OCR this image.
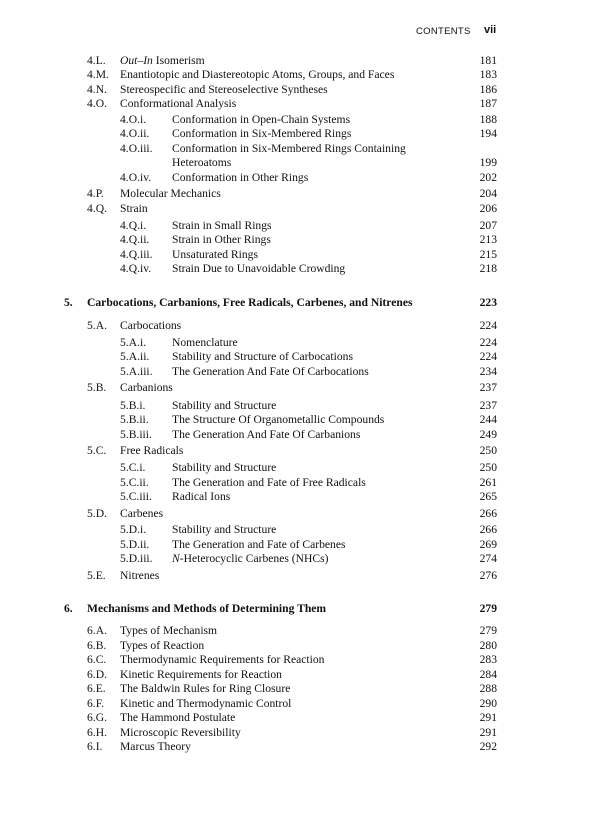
CONTENTS vii
4.L. Out–In Isomerism	181
4.M. Enantiotopic and Diastereotopic Atoms, Groups, and Faces	183
4.N. Stereospecific and Stereoselective Syntheses	186
4.O. Conformational Analysis	187
4.O.i. Conformation in Open-Chain Systems	188
4.O.ii. Conformation in Six-Membered Rings	194
4.O.iii. Conformation in Six-Membered Rings Containing
Heteroatoms	199
4.O.iv. Conformation in Other Rings	202
4.P. Molecular Mechanics	204
4.Q. Strain	206
4.Q.i. Strain in Small Rings	207
4.Q.ii. Strain in Other Rings	213
4.Q.iii. Unsaturated Rings	215
4.Q.iv. Strain Due to Unavoidable Crowding	218
5. Carbocations, Carbanions, Free Radicals, Carbenes, and Nitrenes	223
5.A. Carbocations	224
5.A.i. Nomenclature	224
5.A.ii. Stability and Structure of Carbocations	224
5.A.iii. The Generation And Fate Of Carbocations	234
5.B. Carbanions	237
5.B.i. Stability and Structure	237
5.B.ii. The Structure Of Organometallic Compounds	244
5.B.iii. The Generation And Fate Of Carbanions	249
5.C. Free Radicals	250
5.C.i. Stability and Structure	250
5.C.ii. The Generation and Fate of Free Radicals	261
5.C.iii. Radical Ions	265
5.D. Carbenes	266
5.D.i. Stability and Structure	266
5.D.ii. The Generation and Fate of Carbenes	269
5.D.iii. N-Heterocyclic Carbenes (NHCs)	274
5.E. Nitrenes	276
6. Mechanisms and Methods of Determining Them	279
6.A. Types of Mechanism	279
6.B. Types of Reaction	280
6.C. Thermodynamic Requirements for Reaction	283
6.D. Kinetic Requirements for Reaction	284
6.E. The Baldwin Rules for Ring Closure	288
6.F. Kinetic and Thermodynamic Control	290
6.G. The Hammond Postulate	291
6.H. Microscopic Reversibility	291
6.I. Marcus Theory	292
